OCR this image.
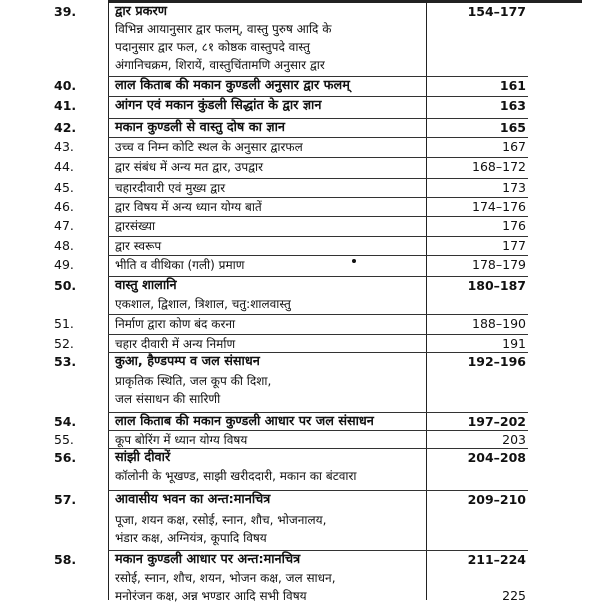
39.	द्वार प्रकरण	154–177
विभिन्न आयानुसार द्वार फलम्, वास्तु पुरुष आदि के
पदानुसार द्वार फल, ८१ कोष्ठक वास्तुपदे वास्तु
अंगानिचक्रम, शिरायें, वास्तुचिंतामणि अनुसार द्वार
40.	लाल किताब की मकान कुण्डली अनुसार द्वार फलम्	161
41.	आंगन एवं मकान कुंडली सिद्धांत के द्वार ज्ञान	163
42.	मकान कुण्डली से वास्तु दोष का ज्ञान	165
43.	उच्च व निम्न कोटि स्थल के अनुसार द्वारफल	167
44.	द्वार संबंध में अन्य मत द्वार, उपद्वार	168–172
45.	चहारदीवारी एवं मुख्य द्वार	173
46.	द्वार विषय में अन्य ध्यान योग्य बातें	174–176
47.	द्वारसंख्या	176
48.	द्वार स्वरूप	177
49.	भीति व वीथिका (गली) प्रमाण	178–179
50.	वास्तु शालानि	180–187
एकशाल, द्विशाल, त्रिशाल, चतु:शालवास्तु
51.	निर्माण द्वारा कोण बंद करना	188–190
52.	चहार दीवारी में अन्य निर्माण	191
53.	कुआ, हैण्डपम्प व जल संसाधन	192–196
प्राकृतिक स्थिति, जल कूप की दिशा,
जल संसाधन की सारिणी
54.	लाल किताब की मकान कुण्डली आधार पर जल संसाधन	197–202
55.	कूप बोरिंग में ध्यान योग्य विषय	203
56.	सांझी दीवारें	204–208
कॉलोनी के भूखण्ड, साझी खरीददारी, मकान का बंटवारा
57.	आवासीय भवन का अन्त:मानचित्र	209–210
पूजा, शयन कक्ष, रसोई, स्नान, शौच, भोजनालय,
भंडार कक्ष, अग्नियंत्र, कूपादि विषय
58.	मकान कुण्डली आधार पर अन्त:मानचित्र	211–224
रसोई, स्नान, शौच, शयन, भोजन कक्ष, जल साधन,
मनोरंजन कक्ष, अन्न भण्डार आदि सभी विषय	225
